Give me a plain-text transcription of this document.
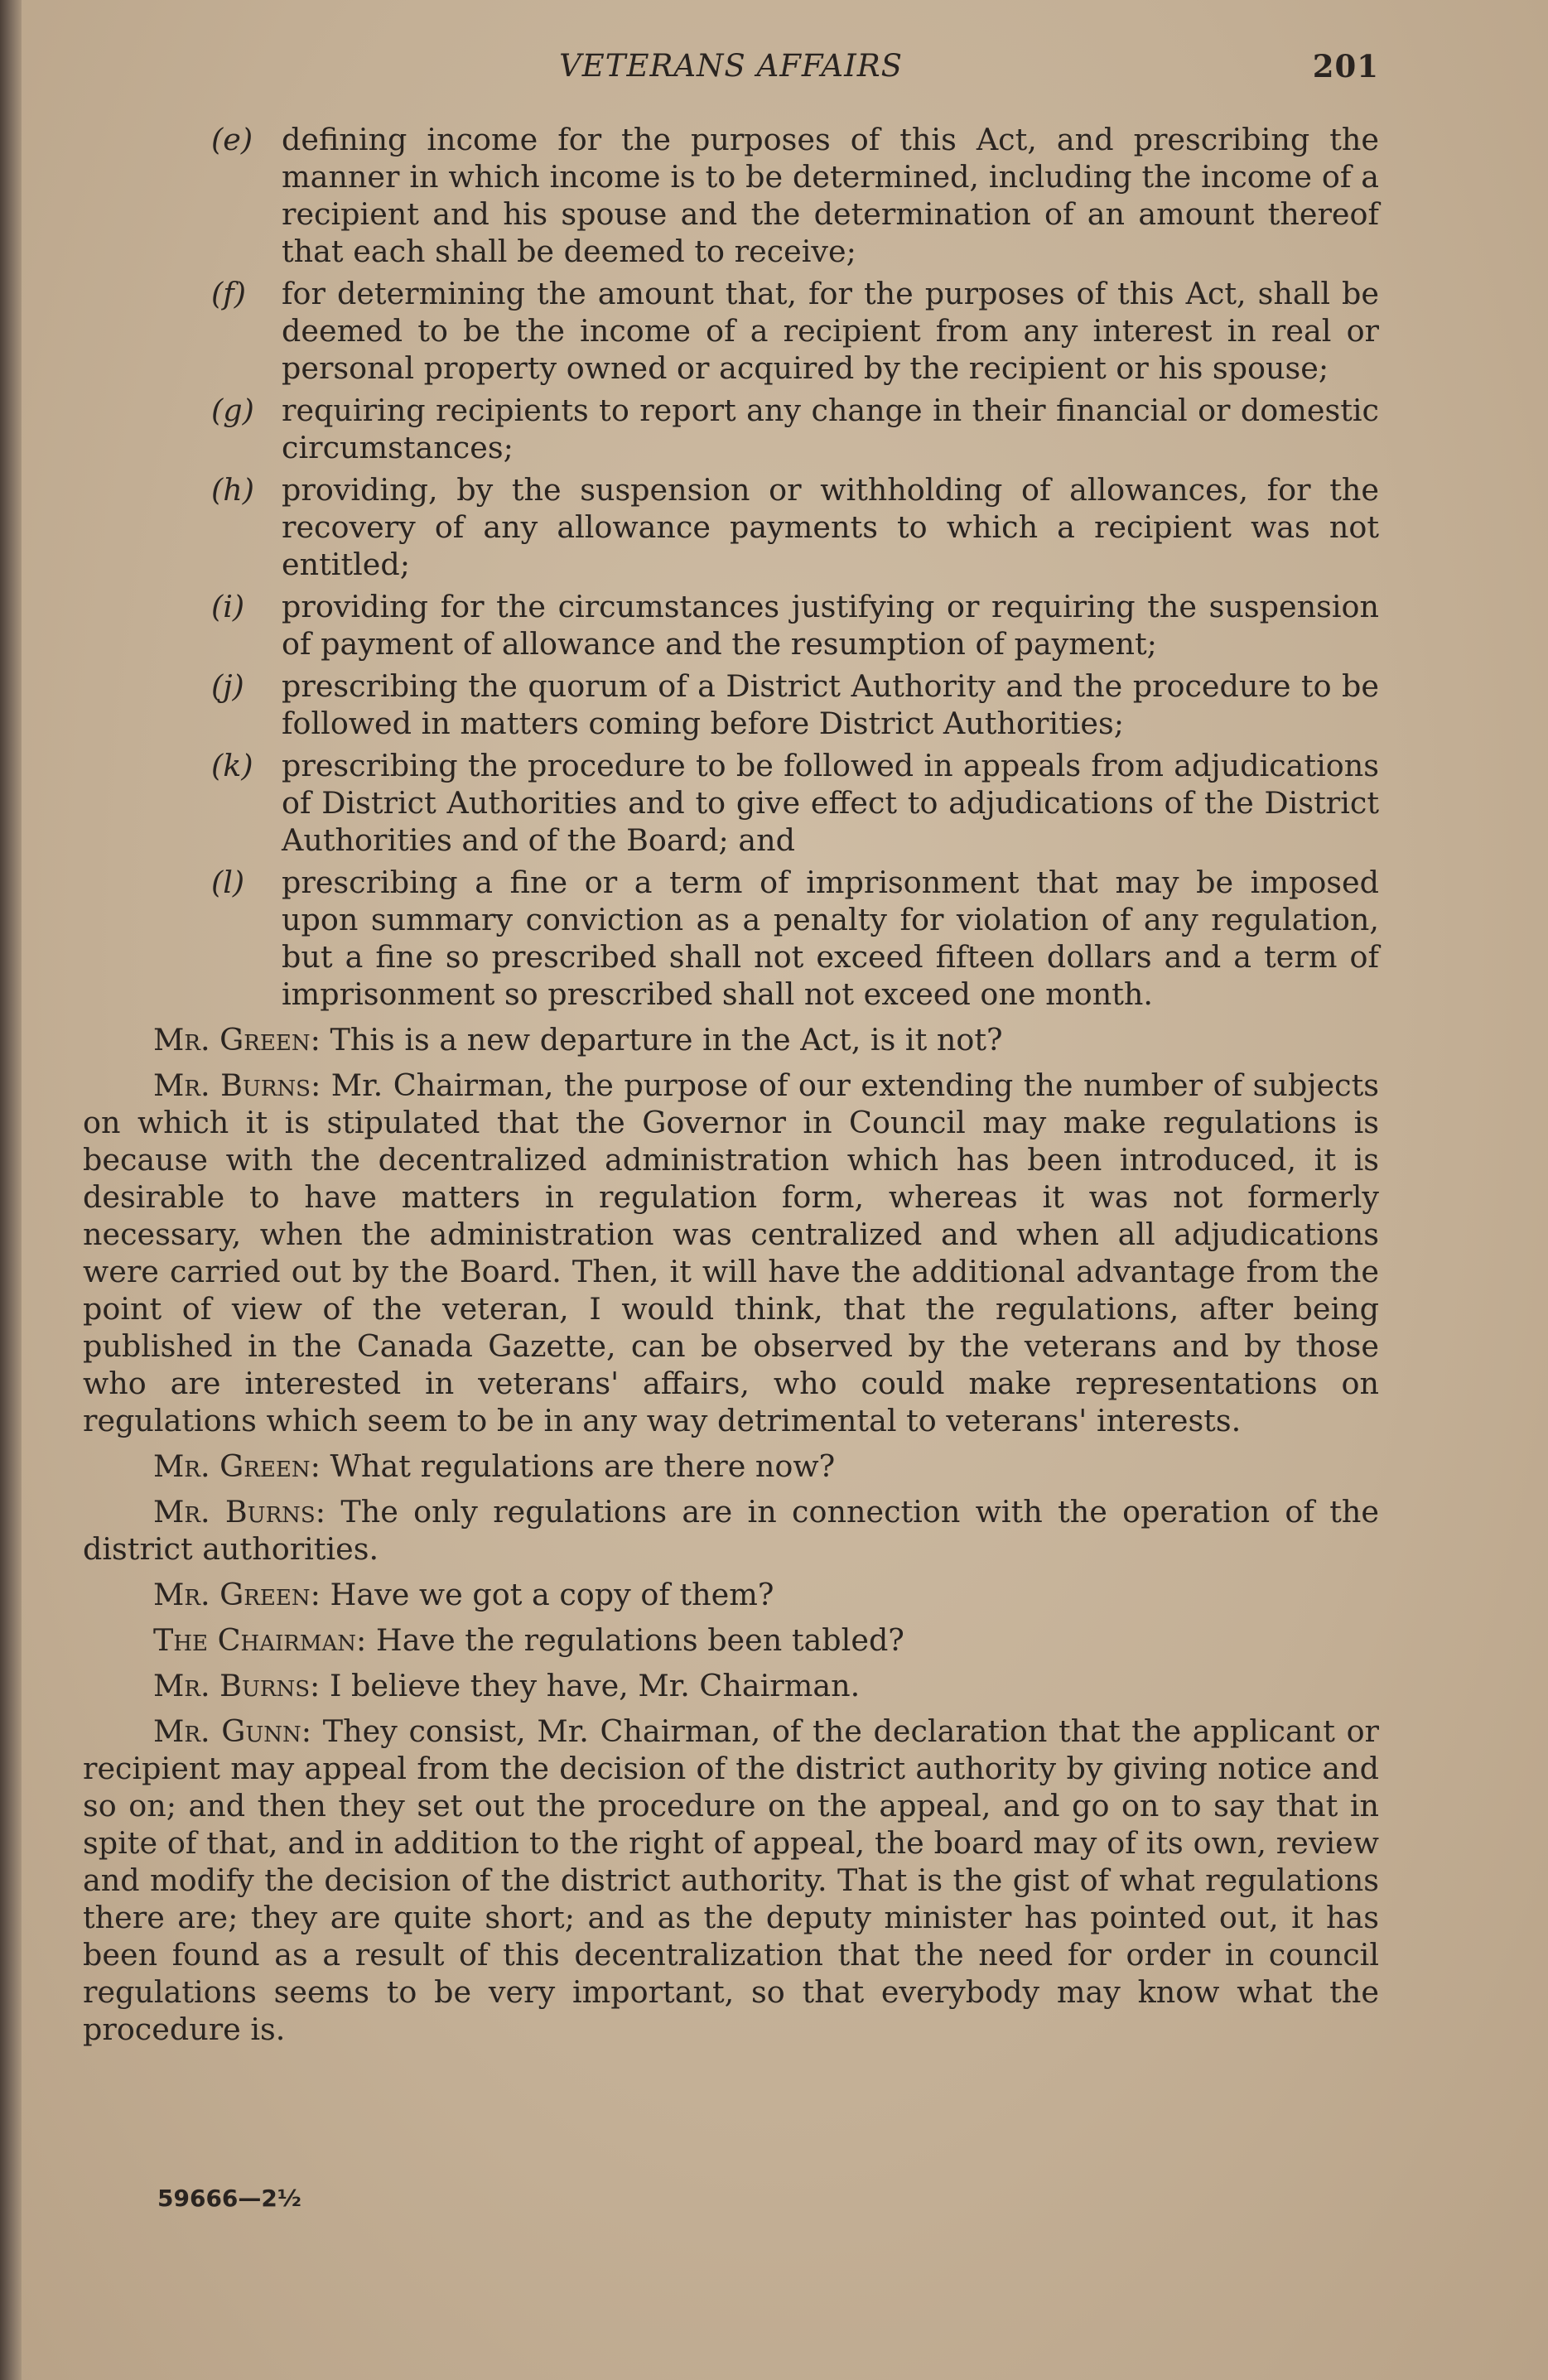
VETERANS AFFAIRS	201
(e) defining income for the purposes of this Act, and prescribing the manner in which income is to be determined, including the income of a recipient and his spouse and the determination of an amount thereof that each shall be deemed to receive;
(f)	for determining the amount that, for the purposes of this Act, shall be deemed to be the income of a recipient from any interest in real or personal property owned or acquired by the recipient or his spouse;
(g) requiring recipients to report any change in their financial or domestic circumstances;
(h) providing, by the suspension or withholding of allowances, for the recovery of any allowance payments to which a recipient was not entitled;
(i)	providing for the circumstances justifying or requiring the suspension of payment of allowance and the resumption of payment;
(j)	prescribing the quorum of a District Authority and the procedure to be followed in matters coming before District Authorities;
(k) prescribing the procedure to be followed in appeals from adjudications of District Authorities and to give effect to adjudications of the District Authorities and of the Board; and
(l)	prescribing a fine or a term of imprisonment that may be imposed upon summary conviction as a penalty for violation of any regulation, but a fine so prescribed shall not exceed fifteen dollars and a term of imprisonment so prescribed shall not exceed one month.

Mr. Green: This is a new departure in the Act, is it not?

Mr. Burns: Mr. Chairman, the purpose of our extending the number of subjects on which it is stipulated that the Governor in Council may make regulations is because with the decentralized administration which has been introduced, it is desirable to have matters in regulation form, whereas it was not formerly necessary, when the administration was centralized and when all adjudications were carried out by the Board. Then, it will have the additional advantage from the point of view of the veteran, I would think, that the regulations, after being published in the Canada Gazette, can be observed by the veterans and by those who are interested in veterans' affairs, who could make representations on regulations which seem to be in any way detrimental to veterans' interests.

Mr. Green: What regulations are there now?

Mr. Burns: The only regulations are in connection with the operation of the district authorities.

Mr. Green: Have we got a copy of them?

The Chairman: Have the regulations been tabled?

Mr. Burns: I believe they have, Mr. Chairman.

Mr. Gunn: They consist, Mr. Chairman, of the declaration that the applicant or recipient may appeal from the decision of the district authority by giving notice and so on; and then they set out the procedure on the appeal, and go on to say that in spite of that, and in addition to the right of appeal, the board may of its own, review and modify the decision of the district authority. That is the gist of what regulations there are; they are quite short; and as the deputy minister has pointed out, it has been found as a result of this decentralization that the need for order in council regulations seems to be very important, so that everybody may know what the procedure is.

59666—2½
